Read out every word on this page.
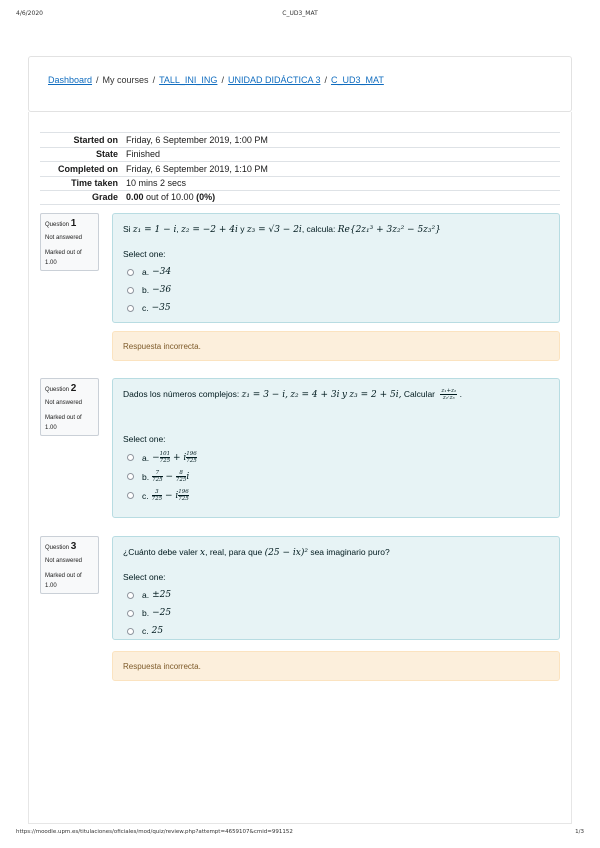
4/6/2020	C_UD3_MAT
Dashboard / My courses / TALL_INI_ING / UNIDAD DIDÁCTICA 3 / C_UD3_MAT
Started on Friday, 6 September 2019, 1:00 PM
State Finished
Completed on Friday, 6 September 2019, 1:10 PM
Time taken 10 mins 2 secs
Grade 0.00 out of 10.00 (0%)
Question 1
Not answered
Marked out of 1.00
Si z₁ = 1 − i, z₂ = −2 + 4i y z₃ = √3 − 2i, calcula: Re{2z₁³ + 3z₂² − 5z₃²}
Select one:
a. −34
b. −36
c. −35
Respuesta incorrecta.
Question 2
Not answered
Marked out of 1.00
Dados los números complejos: z₁ = 3 − i, z₂ = 4 + 3i y z₃ = 2 + 5i, Calcular $\frac{\text{z₁+z₂}}{\text{z₂·z₃}}$ .
Select one:
a. − $\frac{101}{725} + i \frac{196}{725}$
b. $\frac{7}{725} - \frac{8}{725}$ i
c. $\frac{3}{725} - i \frac{196}{725}$
Question 3
Not answered
Marked out of 1.00
¿Cuánto debe valer x, real, para que (25 − ix)² sea imaginario puro?
Select one:
a. ±25
b. −25
c. 25
Respuesta incorrecta.
https://moodle.upm.es/titulaciones/oficiales/mod/quiz/review.php?attempt=4659107&cmid=991152	1/3
